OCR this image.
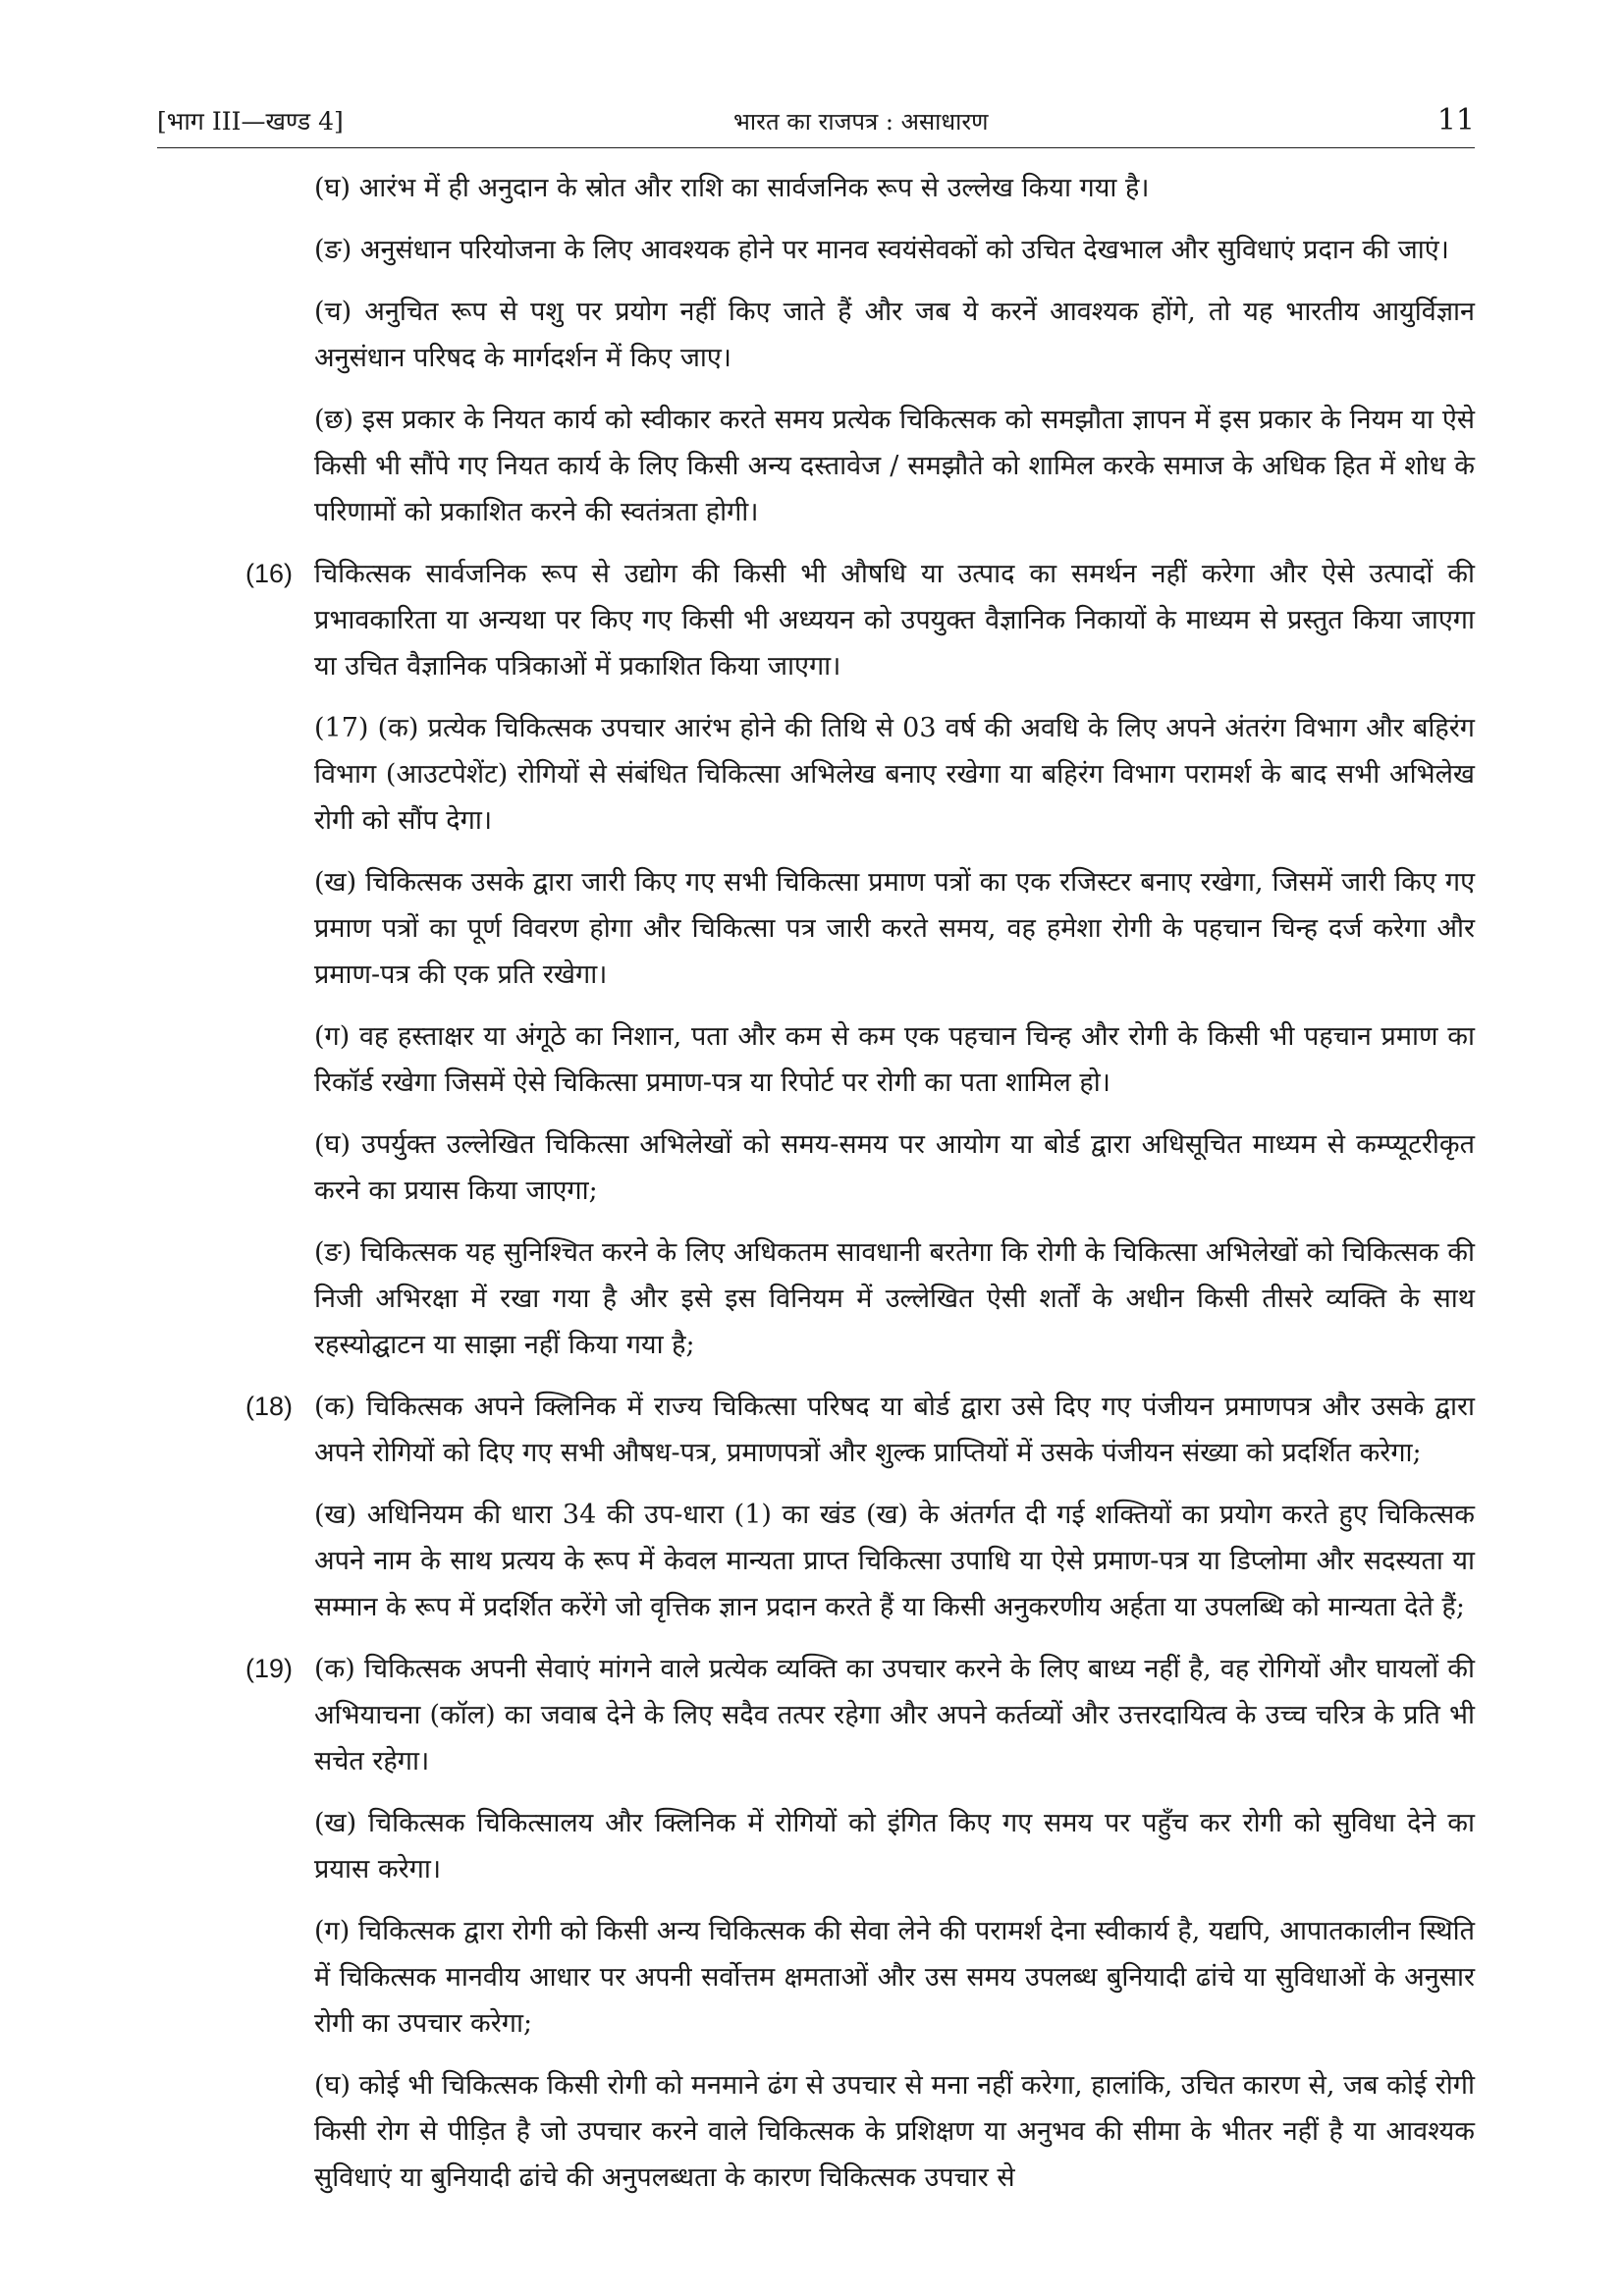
[भाग III—खण्ड 4]	भारत का राजपत्र : असाधारण	11

(घ) आरंभ में ही अनुदान के स्रोत और राशि का सार्वजनिक रूप से उल्लेख किया गया है।

(ङ) अनुसंधान परियोजना के लिए आवश्यक होने पर मानव स्वयंसेवकों को उचित देखभाल और सुविधाएं प्रदान की जाएं।

(च) अनुचित रूप से पशु पर प्रयोग नहीं किए जाते हैं और जब ये करनें आवश्यक होंगे, तो यह भारतीय आयुर्विज्ञान अनुसंधान परिषद के मार्गदर्शन में किए जाए।

(छ) इस प्रकार के नियत कार्य को स्वीकार करते समय प्रत्येक चिकित्सक को समझौता ज्ञापन में इस प्रकार के नियम या ऐसे किसी भी सौंपे गए नियत कार्य के लिए किसी अन्य दस्तावेज / समझौते को शामिल करके समाज के अधिक हित में शोध के परिणामों को प्रकाशित करने की स्वतंत्रता होगी।

(16) चिकित्सक सार्वजनिक रूप से उद्योग की किसी भी औषधि या उत्पाद का समर्थन नहीं करेगा और ऐसे उत्पादों की प्रभावकारिता या अन्यथा पर किए गए किसी भी अध्ययन को उपयुक्त वैज्ञानिक निकायों के माध्यम से प्रस्तुत किया जाएगा या उचित वैज्ञानिक पत्रिकाओं में प्रकाशित किया जाएगा।

(17) (क) प्रत्येक चिकित्सक उपचार आरंभ होने की तिथि से 03 वर्ष की अवधि के लिए अपने अंतरंग विभाग और बहिरंग विभाग (आउटपेशेंट) रोगियों से संबंधित चिकित्सा अभिलेख बनाए रखेगा या बहिरंग विभाग परामर्श के बाद सभी अभिलेख रोगी को सौंप देगा।

(ख) चिकित्सक उसके द्वारा जारी किए गए सभी चिकित्सा प्रमाण पत्रों का एक रजिस्टर बनाए रखेगा, जिसमें जारी किए गए प्रमाण पत्रों का पूर्ण विवरण होगा और चिकित्सा पत्र जारी करते समय, वह हमेशा रोगी के पहचान चिन्ह दर्ज करेगा और प्रमाण-पत्र की एक प्रति रखेगा।

(ग) वह हस्ताक्षर या अंगूठे का निशान, पता और कम से कम एक पहचान चिन्ह और रोगी के किसी भी पहचान प्रमाण का रिकॉर्ड रखेगा जिसमें ऐसे चिकित्सा प्रमाण-पत्र या रिपोर्ट पर रोगी का पता शामिल हो।

(घ) उपर्युक्त उल्लेखित चिकित्सा अभिलेखों को समय-समय पर आयोग या बोर्ड द्वारा अधिसूचित माध्यम से कम्प्यूटरीकृत करने का प्रयास किया जाएगा;

(ङ) चिकित्सक यह सुनिश्चित करने के लिए अधिकतम सावधानी बरतेगा कि रोगी के चिकित्सा अभिलेखों को चिकित्सक की निजी अभिरक्षा में रखा गया है और इसे इस विनियम में उल्लेखित ऐसी शर्तों के अधीन किसी तीसरे व्यक्ति के साथ रहस्योद्घाटन या साझा नहीं किया गया है;

(18) (क) चिकित्सक अपने क्लिनिक में राज्य चिकित्सा परिषद या बोर्ड द्वारा उसे दिए गए पंजीयन प्रमाणपत्र और उसके द्वारा अपने रोगियों को दिए गए सभी औषध-पत्र, प्रमाणपत्रों और शुल्क प्राप्तियों में उसके पंजीयन संख्या को प्रदर्शित करेगा;

(ख) अधिनियम की धारा 34 की उप-धारा (1) का खंड (ख) के अंतर्गत दी गई शक्तियों का प्रयोग करते हुए चिकित्सक अपने नाम के साथ प्रत्यय के रूप में केवल मान्यता प्राप्त चिकित्सा उपाधि या ऐसे प्रमाण-पत्र या डिप्लोमा और सदस्यता या सम्मान के रूप में प्रदर्शित करेंगे जो वृत्तिक ज्ञान प्रदान करते हैं या किसी अनुकरणीय अर्हता या उपलब्धि को मान्यता देते हैं;

(19) (क) चिकित्सक अपनी सेवाएं मांगने वाले प्रत्येक व्यक्ति का उपचार करने के लिए बाध्य नहीं है, वह रोगियों और घायलों की अभियाचना (कॉल) का जवाब देने के लिए सदैव तत्पर रहेगा और अपने कर्तव्यों और उत्तरदायित्व के उच्च चरित्र के प्रति भी सचेत रहेगा।

(ख) चिकित्सक चिकित्सालय और क्लिनिक में रोगियों को इंगित किए गए समय पर पहुँच कर रोगी को सुविधा देने का प्रयास करेगा।

(ग) चिकित्सक द्वारा रोगी को किसी अन्य चिकित्सक की सेवा लेने की परामर्श देना स्वीकार्य है, यद्यपि, आपातकालीन स्थिति में चिकित्सक मानवीय आधार पर अपनी सर्वोत्तम क्षमताओं और उस समय उपलब्ध बुनियादी ढांचे या सुविधाओं के अनुसार रोगी का उपचार करेगा;

(घ) कोई भी चिकित्सक किसी रोगी को मनमाने ढंग से उपचार से मना नहीं करेगा, हालांकि, उचित कारण से, जब कोई रोगी किसी रोग से पीड़ित है जो उपचार करने वाले चिकित्सक के प्रशिक्षण या अनुभव की सीमा के भीतर नहीं है या आवश्यक सुविधाएं या बुनियादी ढांचे की अनुपलब्धता के कारण चिकित्सक उपचार से
